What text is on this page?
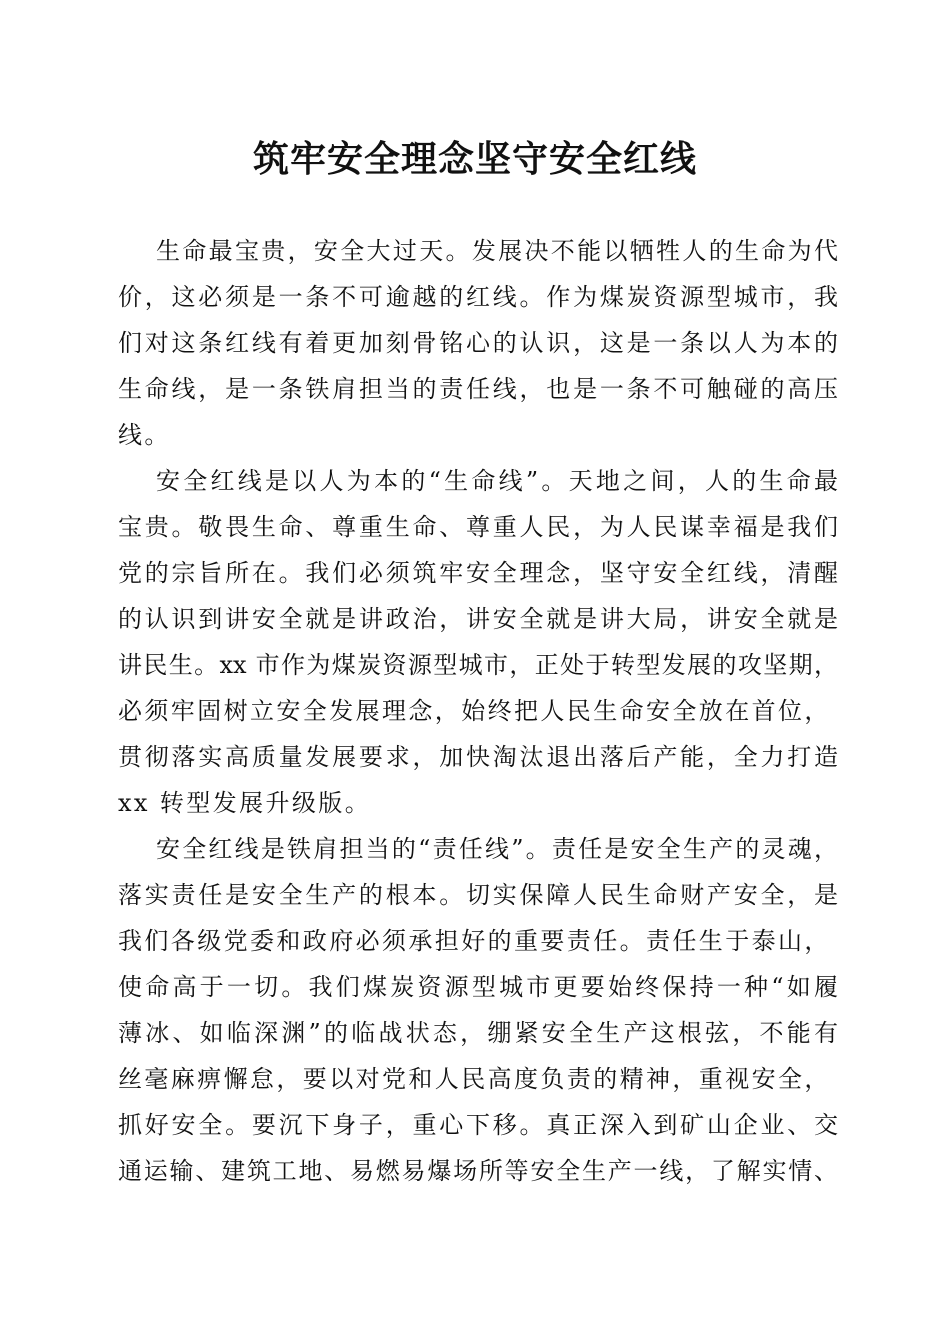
筑牢安全理念坚守安全红线
生命最宝贵，安全大过天。发展决不能以牺牲人的生命为代
价，这必须是一条不可逾越的红线。作为煤炭资源型城市，我
们对这条红线有着更加刻骨铭心的认识，这是一条以人为本的
生命线，是一条铁肩担当的责任线，也是一条不可触碰的高压
线。
安全红线是以人为本的“生命线”。天地之间，人的生命最
宝贵。敬畏生命、尊重生命、尊重人民，为人民谋幸福是我们
党的宗旨所在。我们必须筑牢安全理念，坚守安全红线，清醒
的认识到讲安全就是讲政治，讲安全就是讲大局，讲安全就是
讲民生。xx 市作为煤炭资源型城市，正处于转型发展的攻坚期，
必须牢固树立安全发展理念，始终把人民生命安全放在首位，
贯彻落实高质量发展要求，加快淘汰退出落后产能，全力打造
xx 转型发展升级版。
安全红线是铁肩担当的“责任线”。责任是安全生产的灵魂，
落实责任是安全生产的根本。切实保障人民生命财产安全，是
我们各级党委和政府必须承担好的重要责任。责任生于泰山，
使命高于一切。我们煤炭资源型城市更要始终保持一种“如履
薄冰、如临深渊”的临战状态，绷紧安全生产这根弦，不能有
丝毫麻痹懈怠，要以对党和人民高度负责的精神，重视安全，
抓好安全。要沉下身子，重心下移。真正深入到矿山企业、交
通运输、建筑工地、易燃易爆场所等安全生产一线，了解实情、
